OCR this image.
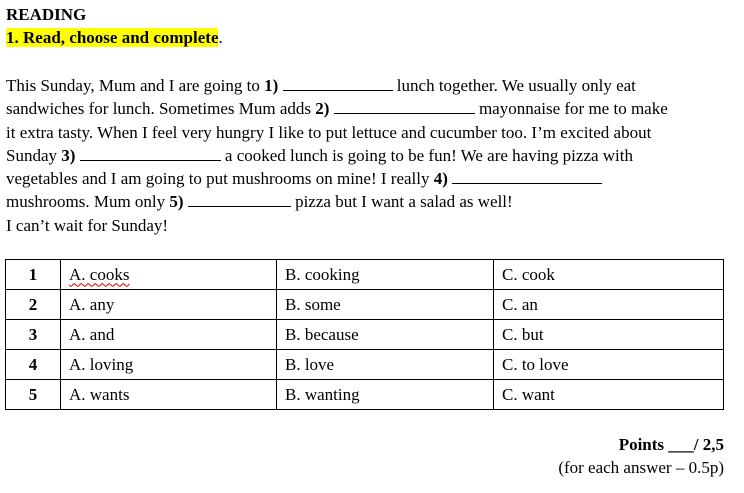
READING
1. Read, choose and complete.
This Sunday, Mum and I are going to 1)	lunch together. We usually only eat
sandwiches for lunch. Sometimes Mum adds 2)	mayonnaise for me to make
it extra tasty. When I feel very hungry I like to put lettuce and cucumber too. I’m excited about
Sunday 3)	a cooked lunch is going to be fun! We are having pizza with
vegetables and I am going to put mushrooms on mine! I really 4)
mushrooms. Mum only 5)	pizza but I want a salad as well!
I can’t wait for Sunday!
1	A. cooks	B. cooking	C. cook
2	A. any	B. some	C. an
3	A. and	B. because	C. but
4	A. loving	B. love	C. to love
5	A. wants	B. wanting	C. want
Points ___/ 2,5
(for each answer – 0.5p)
